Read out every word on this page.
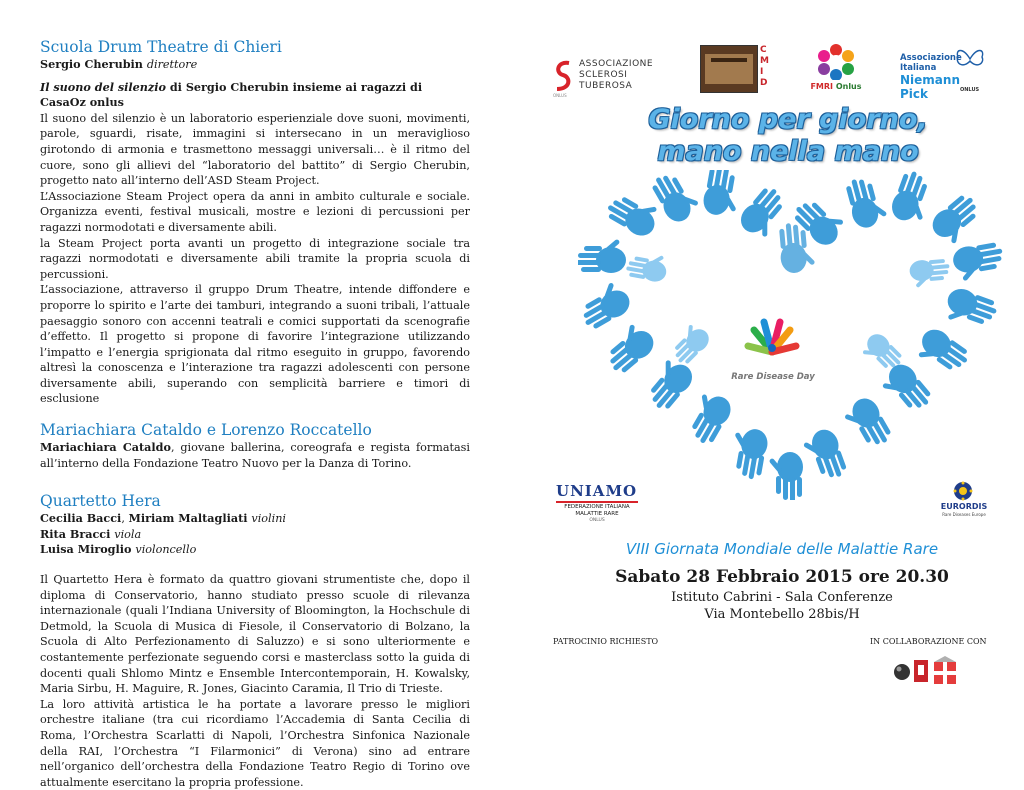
Scuola Drum Theatre di Chieri
Sergio Cherubin direttore
Il suono del silenzio di Sergio Cherubin insieme ai ragazzi di CasaOz onlus

Il suono del silenzio è un laboratorio esperienziale dove suoni, movimenti, parole, sguardi, risate, immagini si intersecano in un meraviglioso girotondo di armonia e trasmettono messaggi universali… è il ritmo del cuore, sono gli allievi del “laboratorio del battito” di Sergio Cherubin, progetto nato all’interno dell’ASD Steam Project.

L’Associazione Steam Project opera da anni in ambito culturale e sociale. Organizza eventi, festival musicali, mostre e lezioni di percussioni per ragazzi normodotati e diversamente abili.

la Steam Project porta avanti un progetto di integrazione sociale tra ragazzi normodotati e diversamente abili tramite la propria scuola di percussioni.

L’associazione, attraverso il gruppo Drum Theatre, intende diffondere e proporre lo spirito e l’arte dei tamburi, integrando a suoni tribali, l’attuale paesaggio sonoro con accenni teatrali e comici supportati da scenografie d’effetto. Il progetto si propone di favorire l’integrazione utilizzando l’impatto e l’energia sprigionata dal ritmo eseguito in gruppo, favorendo altresì la conoscenza e l’interazione tra ragazzi adolescenti con persone diversamente abili, superando con semplicità barriere e timori di esclusione

Mariachiara Cataldo e Lorenzo Roccatello

Mariachiara Cataldo, giovane ballerina, coreografa e regista formatasi all’interno della Fondazione Teatro Nuovo per la Danza di Torino.

Quartetto Hera
Cecilia Bacci, Miriam Maltagliati violini
Rita Bracci viola
Luisa Miroglio violoncello

Il Quartetto Hera è formato da quattro giovani strumentiste che, dopo il diploma di Conservatorio, hanno studiato presso scuole di rilevanza internazionale (quali l’Indiana University of Bloomington, la Hochschule di Detmold, la Scuola di Musica di Fiesole, il Conservatorio di Bolzano, la Scuola di Alto Perfezionamento di Saluzzo) e si sono ulteriormente e costantemente perfezionate seguendo corsi e masterclass sotto la guida di docenti quali Shlomo Mintz e Ensemble Intercontemporain, H. Kowalsky, Maria Sirbu, H. Maguire, R. Jones, Giacinto Caramia, Il Trio di Trieste.

La loro attività artistica le ha portate a lavorare presso le migliori orchestre italiane (tra cui ricordiamo l’Accademia di Santa Cecilia di Roma, l’Orchestra Scarlatti di Napoli, l’Orchestra Sinfonica Nazionale della RAI, l’Orchestra “I Filarmonici” di Verona) sino ad entrare nell’organico dell’orchestra della Fondazione Teatro Regio di Torino ove attualmente esercitano la propria professione.

ASSOCIAZIONE
SCLEROSI
TUBEROSA
ONLUS
C
M
I
D	FMRI Onlus
Associazione
Italiana
Niemann Pick	ONLUS
Giorno per giorno,
mano nella mano
Rare Disease Day
UNIAMO
FEDERAZIONE ITALIANA
MALATTIE RARE
ONLUS
EURORDIS
Rare Diseases Europe
VIII Giornata Mondiale delle Malattie Rare
Sabato 28 Febbraio 2015 ore 20.30
Istituto Cabrini - Sala Conferenze
Via Montebello 28bis/H
PATROCINIO RICHIESTO	IN COLLABORAZIONE CON
